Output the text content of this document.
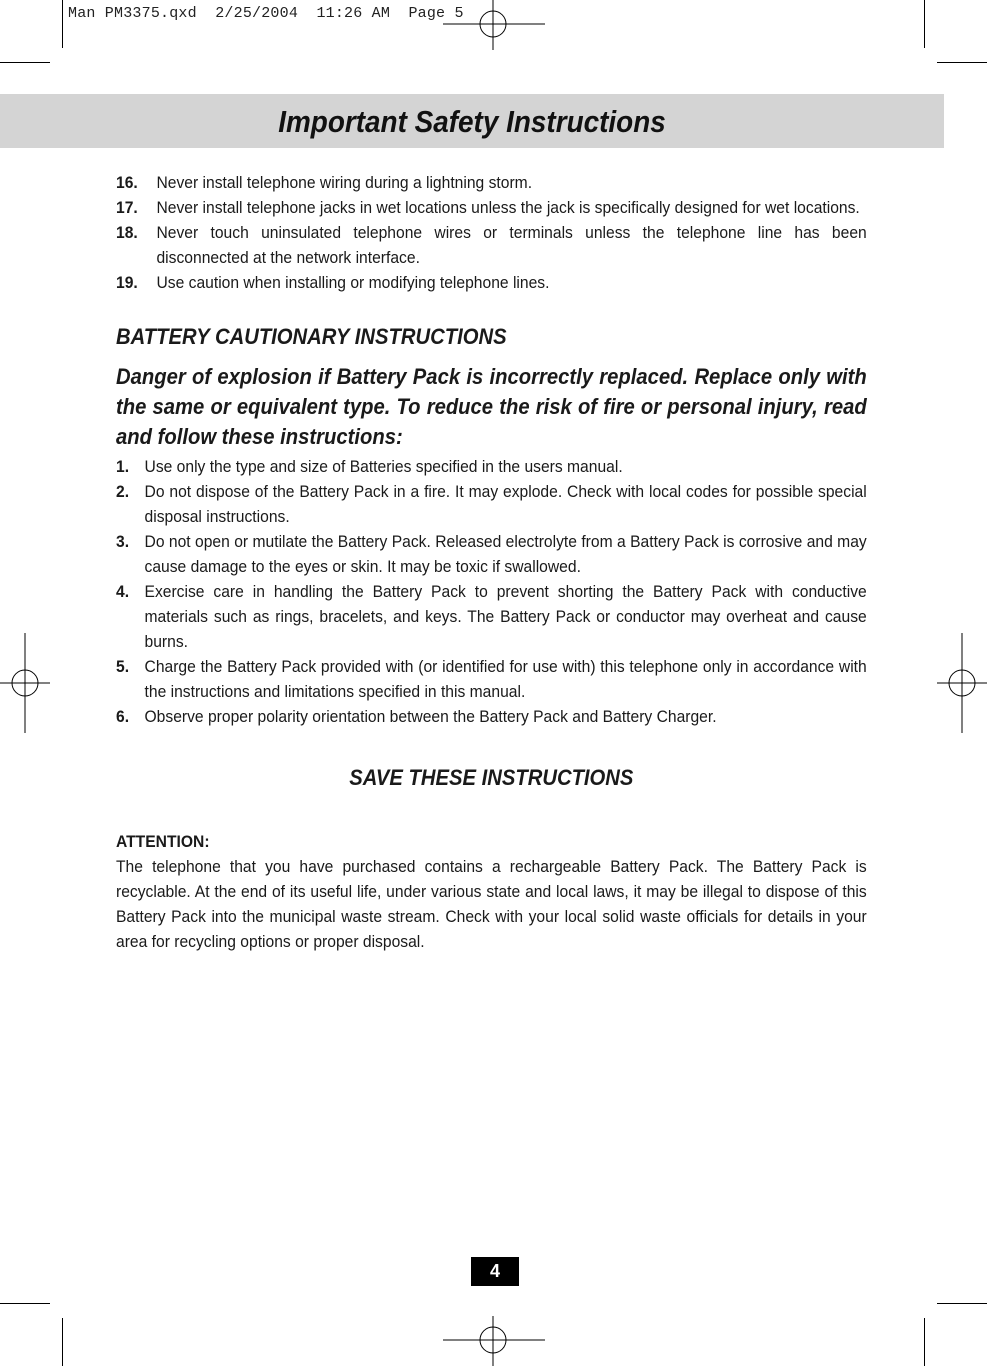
Man PM3375.qxd  2/25/2004  11:26 AM  Page 5
Important Safety Instructions
16.	Never install telephone wiring during a lightning storm.
17.	Never install telephone jacks in wet locations unless the jack is specifically designed for wet locations.
18.	Never touch uninsulated telephone wires or terminals unless the telephone line has been disconnected at the network interface.
19.	Use caution when installing or modifying telephone lines.
BATTERY CAUTIONARY INSTRUCTIONS
Danger of explosion if Battery Pack is incorrectly replaced. Replace only with the same or equivalent type. To reduce the risk of fire or personal injury, read and follow these instructions:
1. Use only the type and size of Batteries specified in the users manual.
2. Do not dispose of the Battery Pack in a fire. It may explode. Check with local codes for possible special disposal instructions.
3. Do not open or mutilate the Battery Pack. Released electrolyte from a Battery Pack is corrosive and may cause damage to the eyes or skin. It may be toxic if swallowed.
4. Exercise care in handling the Battery Pack to prevent shorting the Battery Pack with conductive materials such as rings, bracelets, and keys. The Battery Pack or conductor may overheat and cause burns.
5. Charge the Battery Pack provided with (or identified for use with) this telephone only in accordance with the instructions and limitations specified in this manual.
6. Observe proper polarity orientation between the Battery Pack and Battery Charger.
SAVE THESE INSTRUCTIONS
ATTENTION:

The telephone that you have purchased contains a rechargeable Battery Pack. The Battery Pack is recyclable. At the end of its useful life, under various state and local laws, it may be illegal to dispose of this Battery Pack into the municipal waste stream. Check with your local solid waste officials for details in your area for recycling options or proper disposal.

4
